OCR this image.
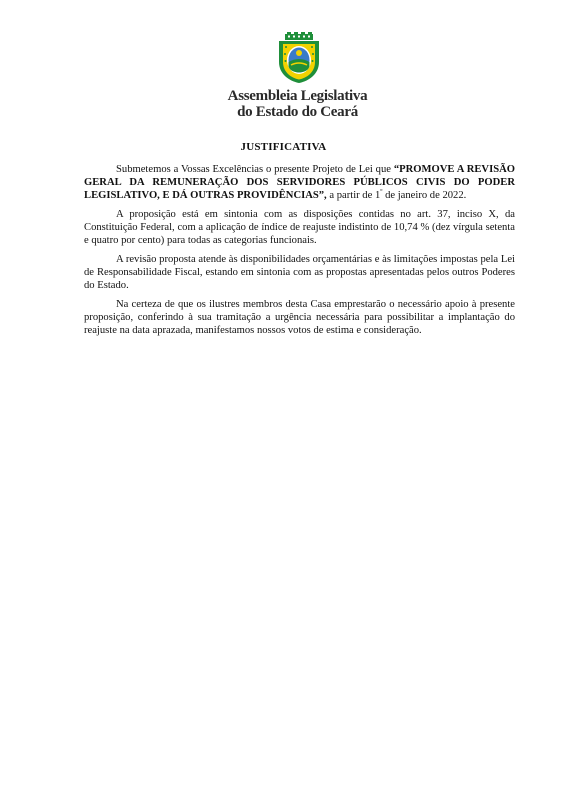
Assembleia Legislativa
do Estado do Ceará
JUSTIFICATIVA

Submetemos a Vossas Excelências o presente Projeto de Lei que “PROMOVE A REVISÃO GERAL DA REMUNERAÇÃO DOS SERVIDORES PÚBLICOS CIVIS DO PODER LEGISLATIVO, E DÁ OUTRAS PROVIDÊNCIAS”, a partir de $1^º$ de janeiro de 2022.

A proposição está em sintonia com as disposições contidas no art. 37, inciso X, da Constituição Federal, com a aplicação de índice de reajuste indistinto de 10,74 % (dez vírgula setenta e quatro por cento) para todas as categorias funcionais.

A revisão proposta atende às disponibilidades orçamentárias e às limitações impostas pela Lei de Responsabilidade Fiscal, estando em sintonia com as propostas apresentadas pelos outros Poderes do Estado.

Na certeza de que os ilustres membros desta Casa emprestarão o necessário apoio à presente proposição, conferindo à sua tramitação a urgência necessária para possibilitar a implantação do reajuste na data aprazada, manifestamos nossos votos de estima e consideração.
